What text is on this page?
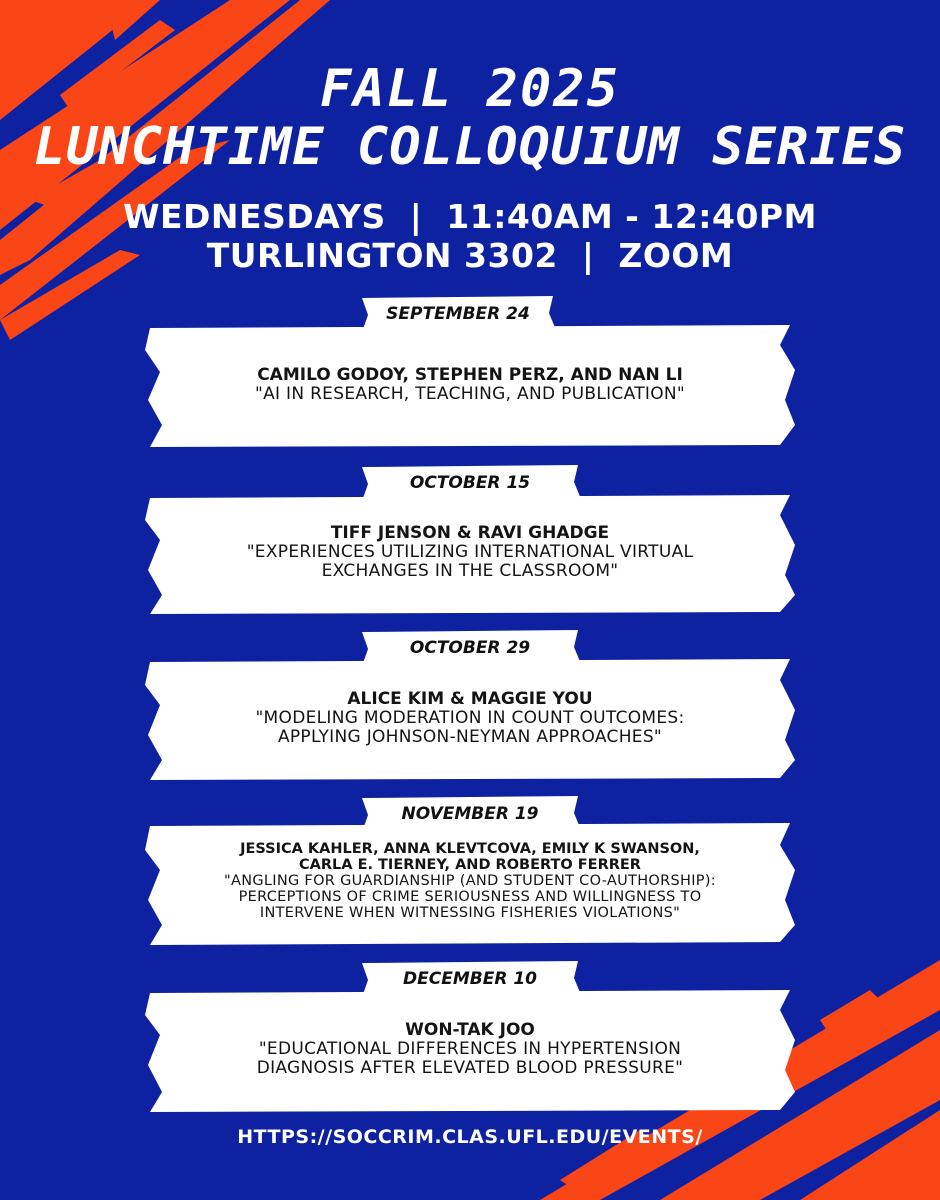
FALL 2025
LUNCHTIME COLLOQUIUM SERIES
WEDNESDAYS  |  11:40AM - 12:40PM
TURLINGTON 3302  |  ZOOM
SEPTEMBER 24
CAMILO GODOY, STEPHEN PERZ, AND NAN LI
"AI IN RESEARCH, TEACHING, AND PUBLICATION"
OCTOBER 15
TIFF JENSON & RAVI GHADGE
"EXPERIENCES UTILIZING INTERNATIONAL VIRTUAL
EXCHANGES IN THE CLASSROOM"
OCTOBER 29
ALICE KIM & MAGGIE YOU
"MODELING MODERATION IN COUNT OUTCOMES:
APPLYING JOHNSON-NEYMAN APPROACHES"
NOVEMBER 19
JESSICA KAHLER, ANNA KLEVTCOVA, EMILY K SWANSON,
CARLA E. TIERNEY, AND ROBERTO FERRER
"ANGLING FOR GUARDIANSHIP (AND STUDENT CO-AUTHORSHIP):
PERCEPTIONS OF CRIME SERIOUSNESS AND WILLINGNESS TO
INTERVENE WHEN WITNESSING FISHERIES VIOLATIONS"
DECEMBER 10
WON-TAK JOO
"EDUCATIONAL DIFFERENCES IN HYPERTENSION
DIAGNOSIS AFTER ELEVATED BLOOD PRESSURE"
HTTPS://SOCCRIM.CLAS.UFL.EDU/EVENTS/
